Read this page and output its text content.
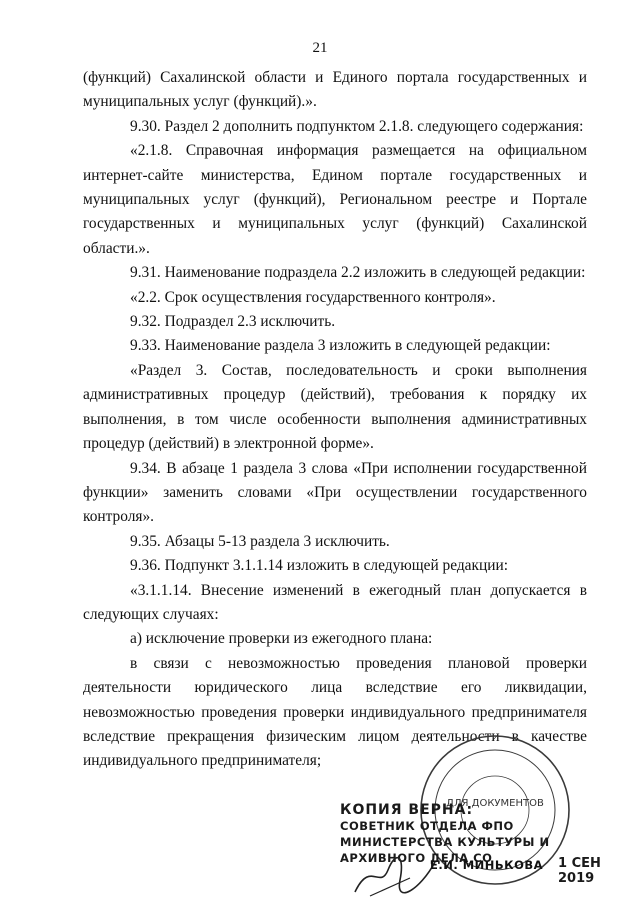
21

(функций) Сахалинской области и Единого портала государственных и муниципальных услуг (функций).».

9.30. Раздел 2 дополнить подпунктом 2.1.8. следующего содержания:

«2.1.8. Справочная информация размещается на официальном интернет-сайте министерства, Едином портале государственных и муниципальных услуг (функций), Региональном реестре и Портале государственных и муниципальных услуг (функций) Сахалинской области.».

9.31. Наименование подраздела 2.2 изложить в следующей редакции:

«2.2. Срок осуществления государственного контроля».

9.32. Подраздел 2.3 исключить.

9.33. Наименование раздела 3 изложить в следующей редакции:

«Раздел 3. Состав, последовательность и сроки выполнения административных процедур (действий), требования к порядку их выполнения, в том числе особенности выполнения административных процедур (действий) в электронной форме».

9.34. В абзаце 1 раздела 3 слова «При исполнении государственной функции» заменить словами «При осуществлении государственного контроля».

9.35. Абзацы 5-13 раздела 3 исключить.

9.36. Подпункт 3.1.1.14 изложить в следующей редакции:

«3.1.1.14. Внесение изменений в ежегодный план допускается в следующих случаях:

а) исключение проверки из ежегодного плана:

в связи с невозможностью проведения плановой проверки деятельности юридического лица вследствие его ликвидации, невозможностью проведения проверки индивидуального предпринимателя вследствие прекращения физическим лицом деятельности в качестве индивидуального предпринимателя;

ДЛЯ ДОКУМЕНТОВ
КОПИЯ ВЕРНА:
СОВЕТНИК ОТДЕЛА ФПО
МИНИСТЕРСТВА КУЛЬТУРЫ И
АРХИВНОГО ДЕЛА СО
Е.И. МИНЬКОВА 1 СЕН 2019
